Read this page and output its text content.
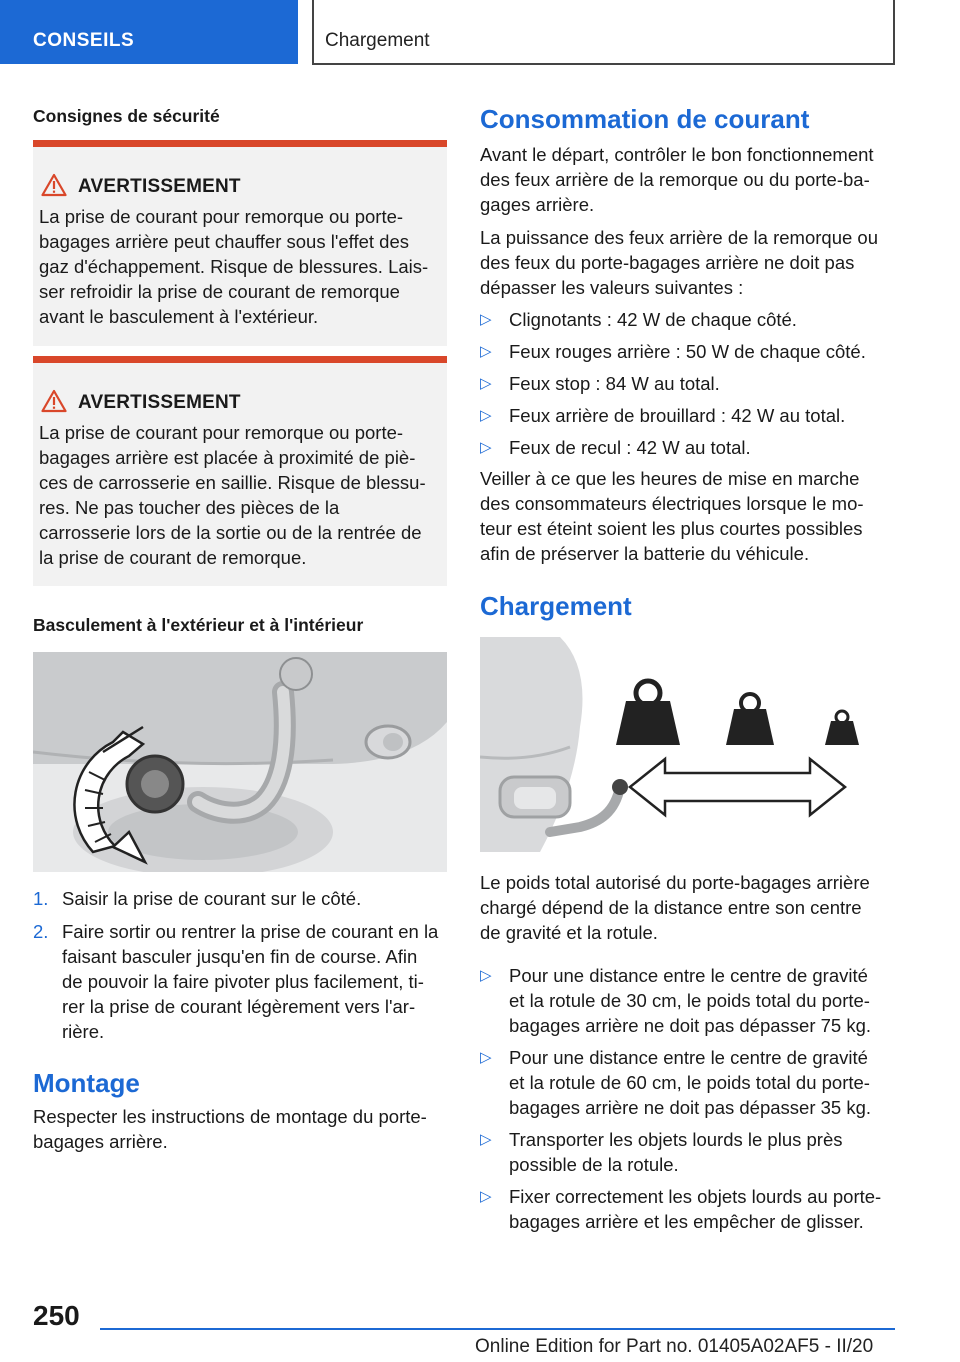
CONSEILS	Chargement
Consignes de sécurité
AVERTISSEMENT
La prise de courant pour remorque ou porte-
bagages arrière peut chauffer sous l'effet des
gaz d'échappement. Risque de blessures. Lais-
ser refroidir la prise de courant de remorque
avant le basculement à l'extérieur.
AVERTISSEMENT
La prise de courant pour remorque ou porte-
bagages arrière est placée à proximité de piè-
ces de carrosserie en saillie. Risque de blessu-
res. Ne pas toucher des pièces de la
carrosserie lors de la sortie ou de la rentrée de
la prise de courant de remorque.
Basculement à l'extérieur et à l'intérieur
1. Saisir la prise de courant sur le côté.
2. Faire sortir ou rentrer la prise de courant en la
faisant basculer jusqu'en fin de course. Afin
de pouvoir la faire pivoter plus facilement, ti-
rer la prise de courant légèrement vers l'ar-
rière.
Montage

Respecter les instructions de montage du porte-
bagages arrière.

Consommation de courant

Avant le départ, contrôler le bon fonctionnement
des feux arrière de la remorque ou du porte-ba-
gages arrière.

La puissance des feux arrière de la remorque ou
des feux du porte-bagages arrière ne doit pas
dépasser les valeurs suivantes :

▷ Clignotants : 42 W de chaque côté.
▷ Feux rouges arrière : 50 W de chaque côté.
▷ Feux stop : 84 W au total.
▷ Feux arrière de brouillard : 42 W au total.
▷ Feux de recul : 42 W au total.

Veiller à ce que les heures de mise en marche
des consommateurs électriques lorsque le mo-
teur est éteint soient les plus courtes possibles
afin de préserver la batterie du véhicule.

Chargement

Le poids total autorisé du porte-bagages arrière
chargé dépend de la distance entre son centre
de gravité et la rotule.

▷ Pour une distance entre le centre de gravité
et la rotule de 30 cm, le poids total du porte-
bagages arrière ne doit pas dépasser 75 kg.
▷ Pour une distance entre le centre de gravité
et la rotule de 60 cm, le poids total du porte-
bagages arrière ne doit pas dépasser 35 kg.
▷ Transporter les objets lourds le plus près
possible de la rotule.
▷ Fixer correctement les objets lourds au porte-
bagages arrière et les empêcher de glisser.
250
Online Edition for Part no. 01405A02AF5 - II/20
